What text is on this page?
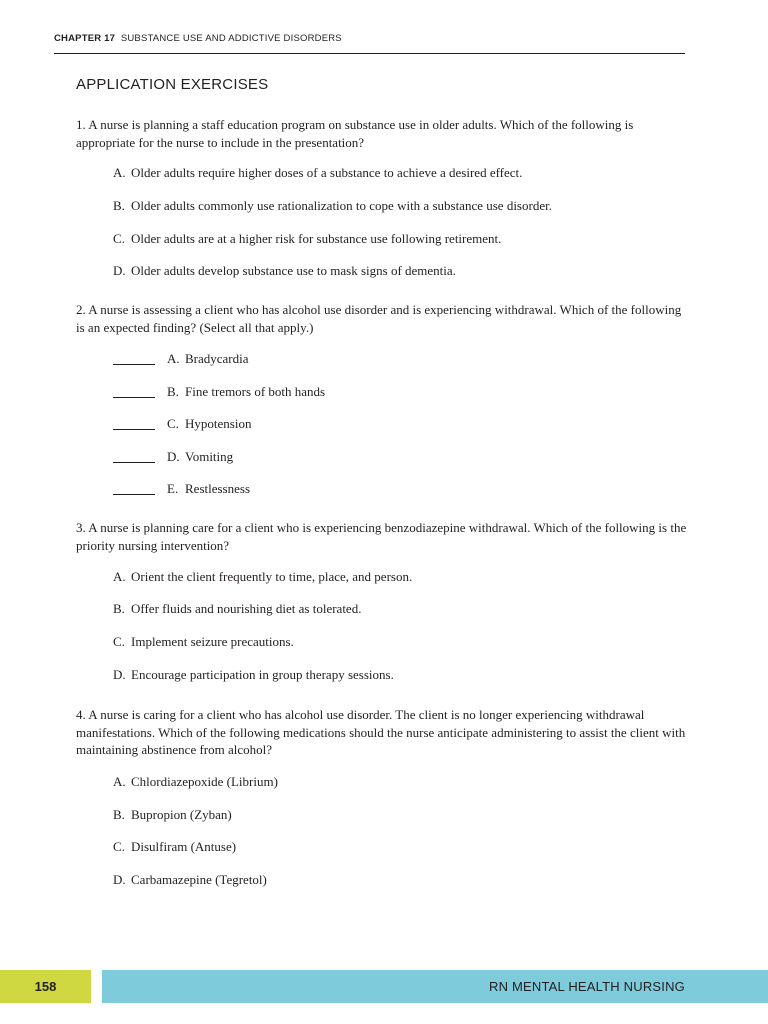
CHAPTER 17 SUBSTANCE USE AND ADDICTIVE DISORDERS
APPLICATION EXERCISES
1. A nurse is planning a staff education program on substance use in older adults. Which of the following is appropriate for the nurse to include in the presentation?
A. Older adults require higher doses of a substance to achieve a desired effect.
B. Older adults commonly use rationalization to cope with a substance use disorder.
C. Older adults are at a higher risk for substance use following retirement.
D. Older adults develop substance use to mask signs of dementia.
2. A nurse is assessing a client who has alcohol use disorder and is experiencing withdrawal. Which of the following is an expected finding? (Select all that apply.)
A. Bradycardia
B. Fine tremors of both hands
C. Hypotension
D. Vomiting
E. Restlessness
3. A nurse is planning care for a client who is experiencing benzodiazepine withdrawal. Which of the following is the priority nursing intervention?
A. Orient the client frequently to time, place, and person.
B. Offer fluids and nourishing diet as tolerated.
C. Implement seizure precautions.
D. Encourage participation in group therapy sessions.
4. A nurse is caring for a client who has alcohol use disorder. The client is no longer experiencing withdrawal manifestations. Which of the following medications should the nurse anticipate administering to assist the client with maintaining abstinence from alcohol?
A. Chlordiazepoxide (Librium)
B. Bupropion (Zyban)
C. Disulfiram (Antuse)
D. Carbamazepine (Tegretol)
158	RN MENTAL HEALTH NURSING
